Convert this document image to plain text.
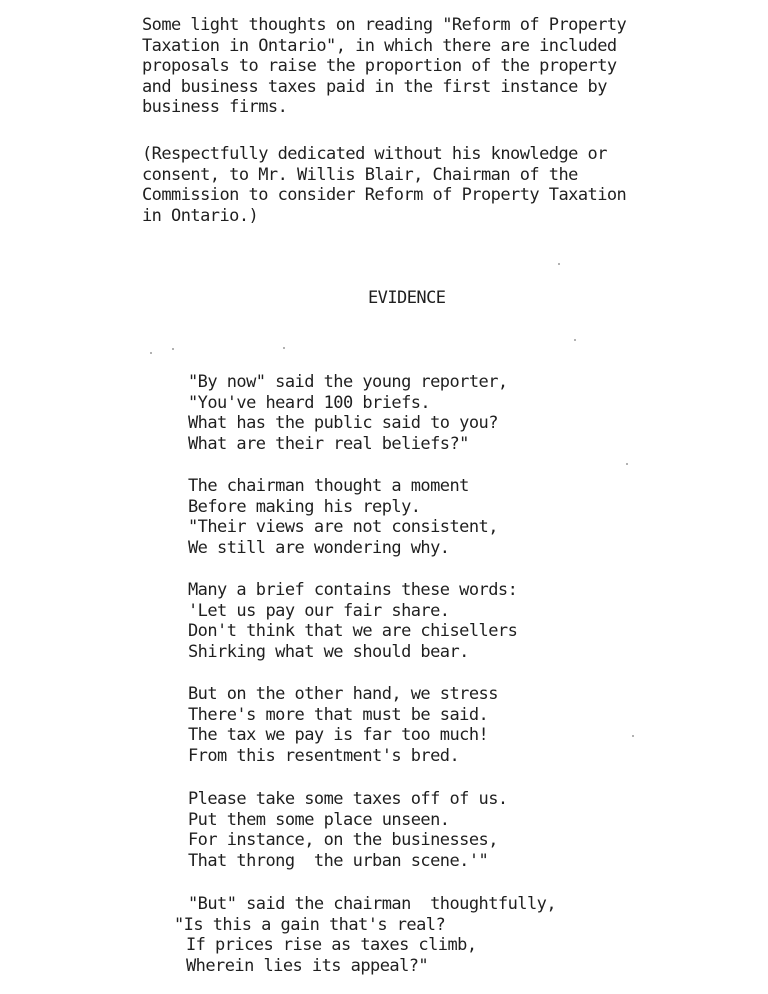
Some light thoughts on reading "Reform of Property
Taxation in Ontario", in which there are included
proposals to raise the proportion of the property
and business taxes paid in the first instance by
business firms.
(Respectfully dedicated without his knowledge or
consent, to Mr. Willis Blair, Chairman of the
Commission to consider Reform of Property Taxation
in Ontario.)
EVIDENCE
"By now" said the young reporter,
"You've heard 100 briefs.
What has the public said to you?
What are their real beliefs?"
The chairman thought a moment
Before making his reply.
"Their views are not consistent,
We still are wondering why.
Many a brief contains these words:
'Let us pay our fair share.
Don't think that we are chisellers
Shirking what we should bear.
But on the other hand, we stress
There's more that must be said.
The tax we pay is far too much!
From this resentment's bred.
Please take some taxes off of us.
Put them some place unseen.
For instance, on the businesses,
That throng  the urban scene.'"
"But" said the chairman  thoughtfully,
"Is this a gain that's real?
If prices rise as taxes climb,
Wherein lies its appeal?"
